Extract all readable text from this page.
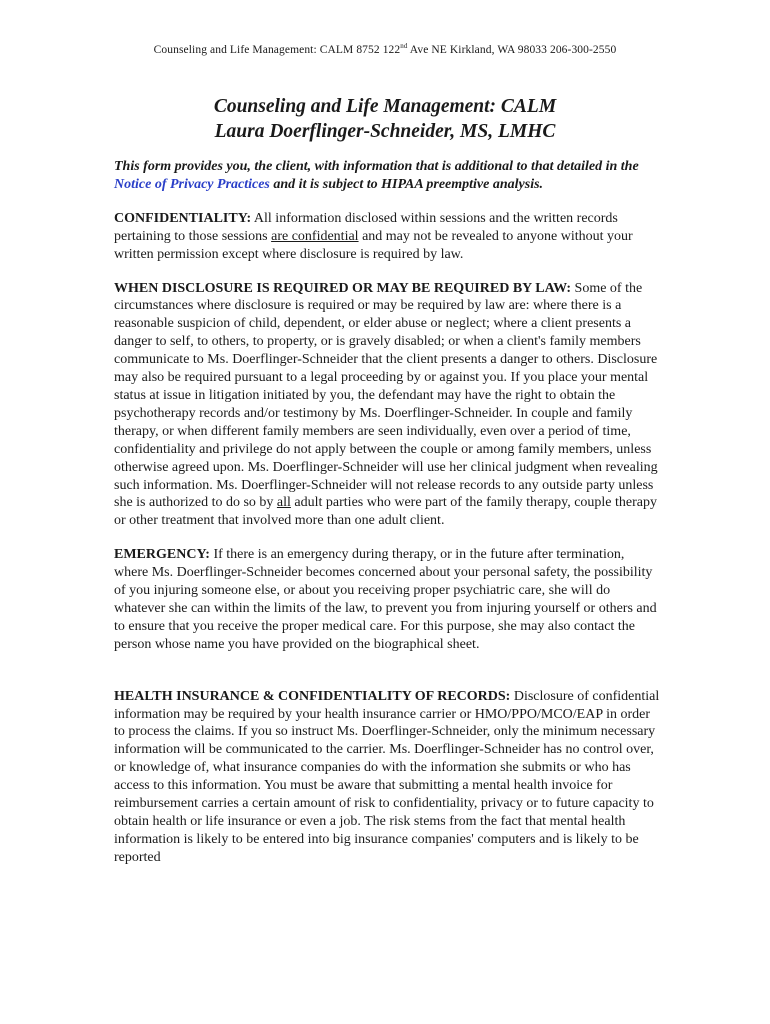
Counseling and Life Management: CALM 8752 122nd Ave NE Kirkland, WA 98033 206-300-2550
Counseling and Life Management: CALM
Laura Doerflinger-Schneider, MS, LMHC

This form provides you, the client, with information that is additional to that detailed in the Notice of Privacy Practices and it is subject to HIPAA preemptive analysis.

CONFIDENTIALITY: All information disclosed within sessions and the written records pertaining to those sessions are confidential and may not be revealed to anyone without your written permission except where disclosure is required by law.

WHEN DISCLOSURE IS REQUIRED OR MAY BE REQUIRED BY LAW: Some of the circumstances where disclosure is required or may be required by law are: where there is a reasonable suspicion of child, dependent, or elder abuse or neglect; where a client presents a danger to self, to others, to property, or is gravely disabled; or when a client's family members communicate to Ms. Doerflinger-Schneider that the client presents a danger to others. Disclosure may also be required pursuant to a legal proceeding by or against you. If you place your mental status at issue in litigation initiated by you, the defendant may have the right to obtain the psychotherapy records and/or testimony by Ms. Doerflinger-Schneider. In couple and family therapy, or when different family members are seen individually, even over a period of time, confidentiality and privilege do not apply between the couple or among family members, unless otherwise agreed upon. Ms. Doerflinger-Schneider will use her clinical judgment when revealing such information. Ms. Doerflinger-Schneider will not release records to any outside party unless she is authorized to do so by all adult parties who were part of the family therapy, couple therapy or other treatment that involved more than one adult client.

EMERGENCY: If there is an emergency during therapy, or in the future after termination, where Ms. Doerflinger-Schneider becomes concerned about your personal safety, the possibility of you injuring someone else, or about you receiving proper psychiatric care, she will do whatever she can within the limits of the law, to prevent you from injuring yourself or others and to ensure that you receive the proper medical care. For this purpose, she may also contact the person whose name you have provided on the biographical sheet.

HEALTH INSURANCE & CONFIDENTIALITY OF RECORDS: Disclosure of confidential information may be required by your health insurance carrier or HMO/PPO/MCO/EAP in order to process the claims. If you so instruct Ms. Doerflinger-Schneider, only the minimum necessary information will be communicated to the carrier. Ms. Doerflinger-Schneider has no control over, or knowledge of, what insurance companies do with the information she submits or who has access to this information. You must be aware that submitting a mental health invoice for reimbursement carries a certain amount of risk to confidentiality, privacy or to future capacity to obtain health or life insurance or even a job. The risk stems from the fact that mental health information is likely to be entered into big insurance companies' computers and is likely to be reported
